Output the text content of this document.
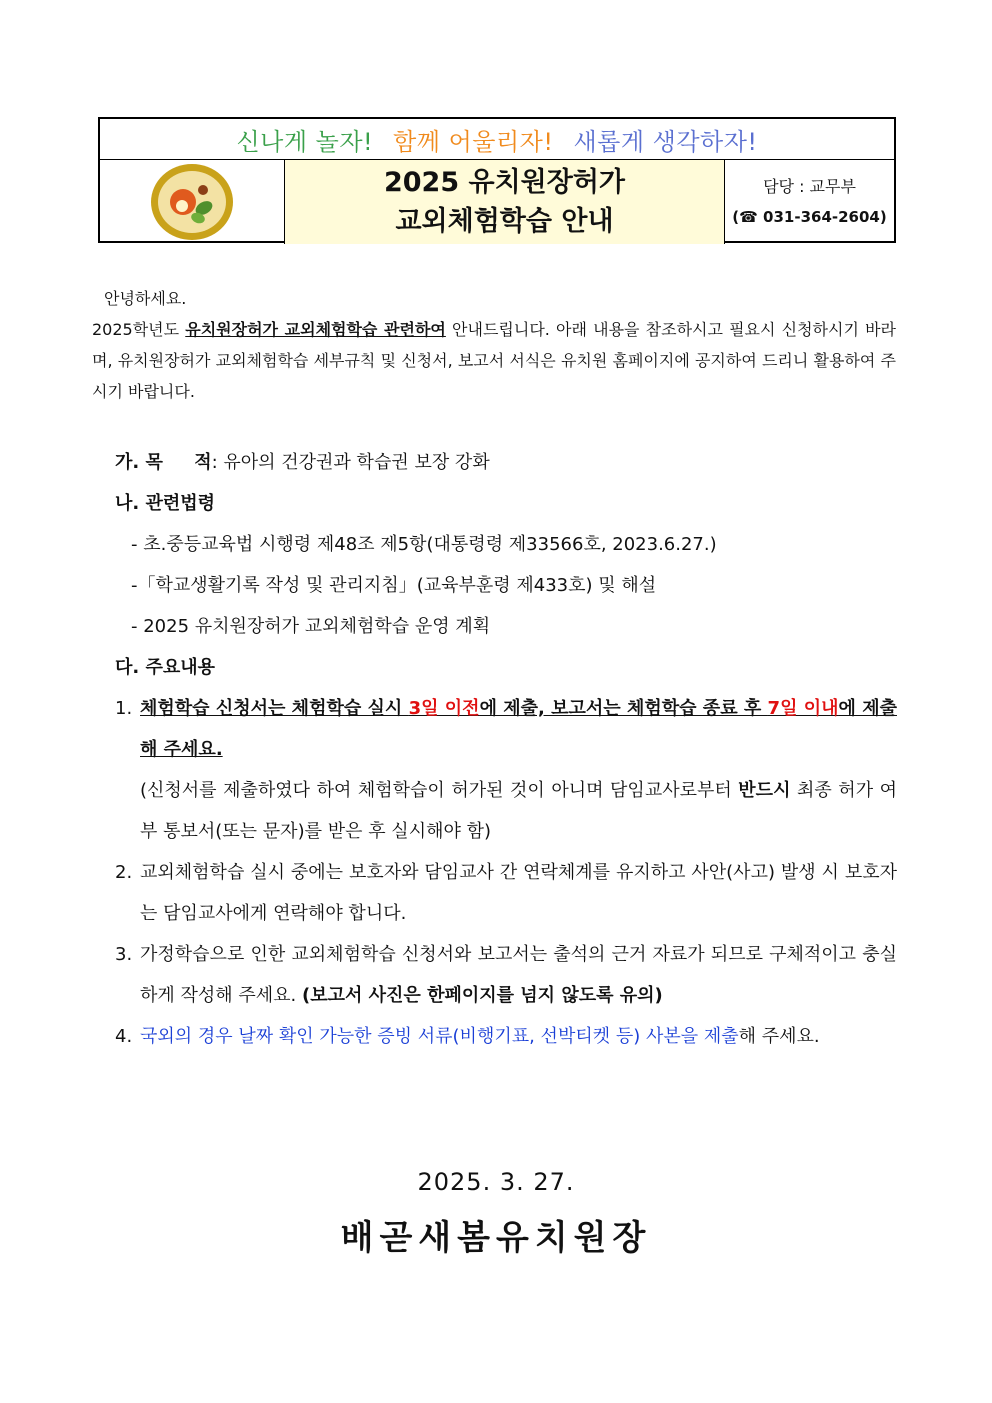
신나게 놀자! 함께 어울리자! 새롭게 생각하자!
2025 유치원장허가
교외체험학습 안내
담당 : 교무부
(☎ 031-364-2604)

안녕하세요.

2025학년도 유치원장허가 교외체험학습 관련하여 안내드립니다. 아래 내용을 참조하시고 필요시 신청하시기 바라며, 유치원장허가 교외체험학습 세부규칙 및 신청서, 보고서 서식은 유치원 홈페이지에 공지하여 드리니 활용하여 주시기 바랍니다.

가. 목     적: 유아의 건강권과 학습권 보장 강화
나. 관련법령
- 초.중등교육법 시행령 제48조 제5항(대통령령 제33566호, 2023.6.27.)
-「학교생활기록 작성 및 관리지침」(교육부훈령 제433호) 및 해설
- 2025 유치원장허가 교외체험학습 운영 계획
다. 주요내용
1. 체험학습 신청서는 체험학습 실시 3일 이전에 제출, 보고서는 체험학습 종료 후 7일 이내에 제출해 주세요.
(신청서를 제출하였다 하여 체험학습이 허가된 것이 아니며 담임교사로부터 반드시 최종 허가 여부 통보서(또는 문자)를 받은 후 실시해야 함)
2. 교외체험학습 실시 중에는 보호자와 담임교사 간 연락체계를 유지하고 사안(사고) 발생 시 보호자는 담임교사에게 연락해야 합니다.
3. 가정학습으로 인한 교외체험학습 신청서와 보고서는 출석의 근거 자료가 되므로 구체적이고 충실하게 작성해 주세요. (보고서 사진은 한페이지를 넘지 않도록 유의)
4. 국외의 경우 날짜 확인 가능한 증빙 서류(비행기표, 선박티켓 등) 사본을 제출해 주세요.
2025. 3. 27.
배곧새봄유치원장
